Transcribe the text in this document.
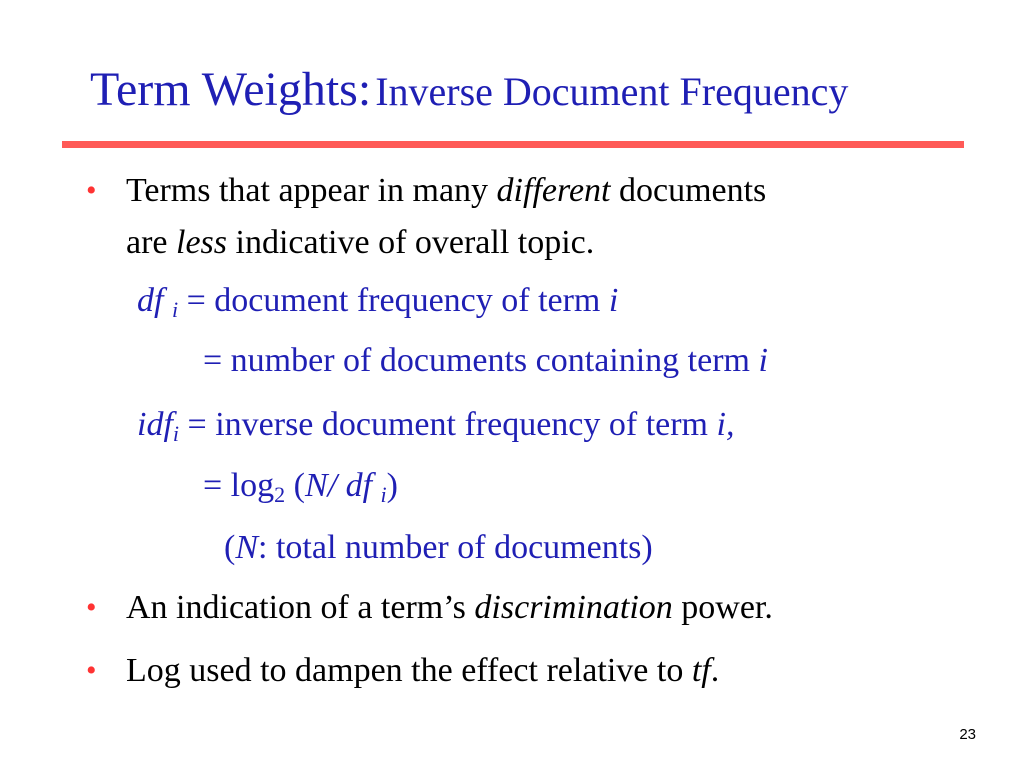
Term Weights: Inverse Document Frequency
• Terms that appear in many different documents
are less indicative of overall topic.
df $_i$ = document frequency of term i
= number of documents containing term i
idf$_i$ = inverse document frequency of term i,
= $\log_2 (N/$ df $_i$)
(N: total number of documents)
• An indication of a term’s discrimination power.
• Log used to dampen the effect relative to tf.
23
